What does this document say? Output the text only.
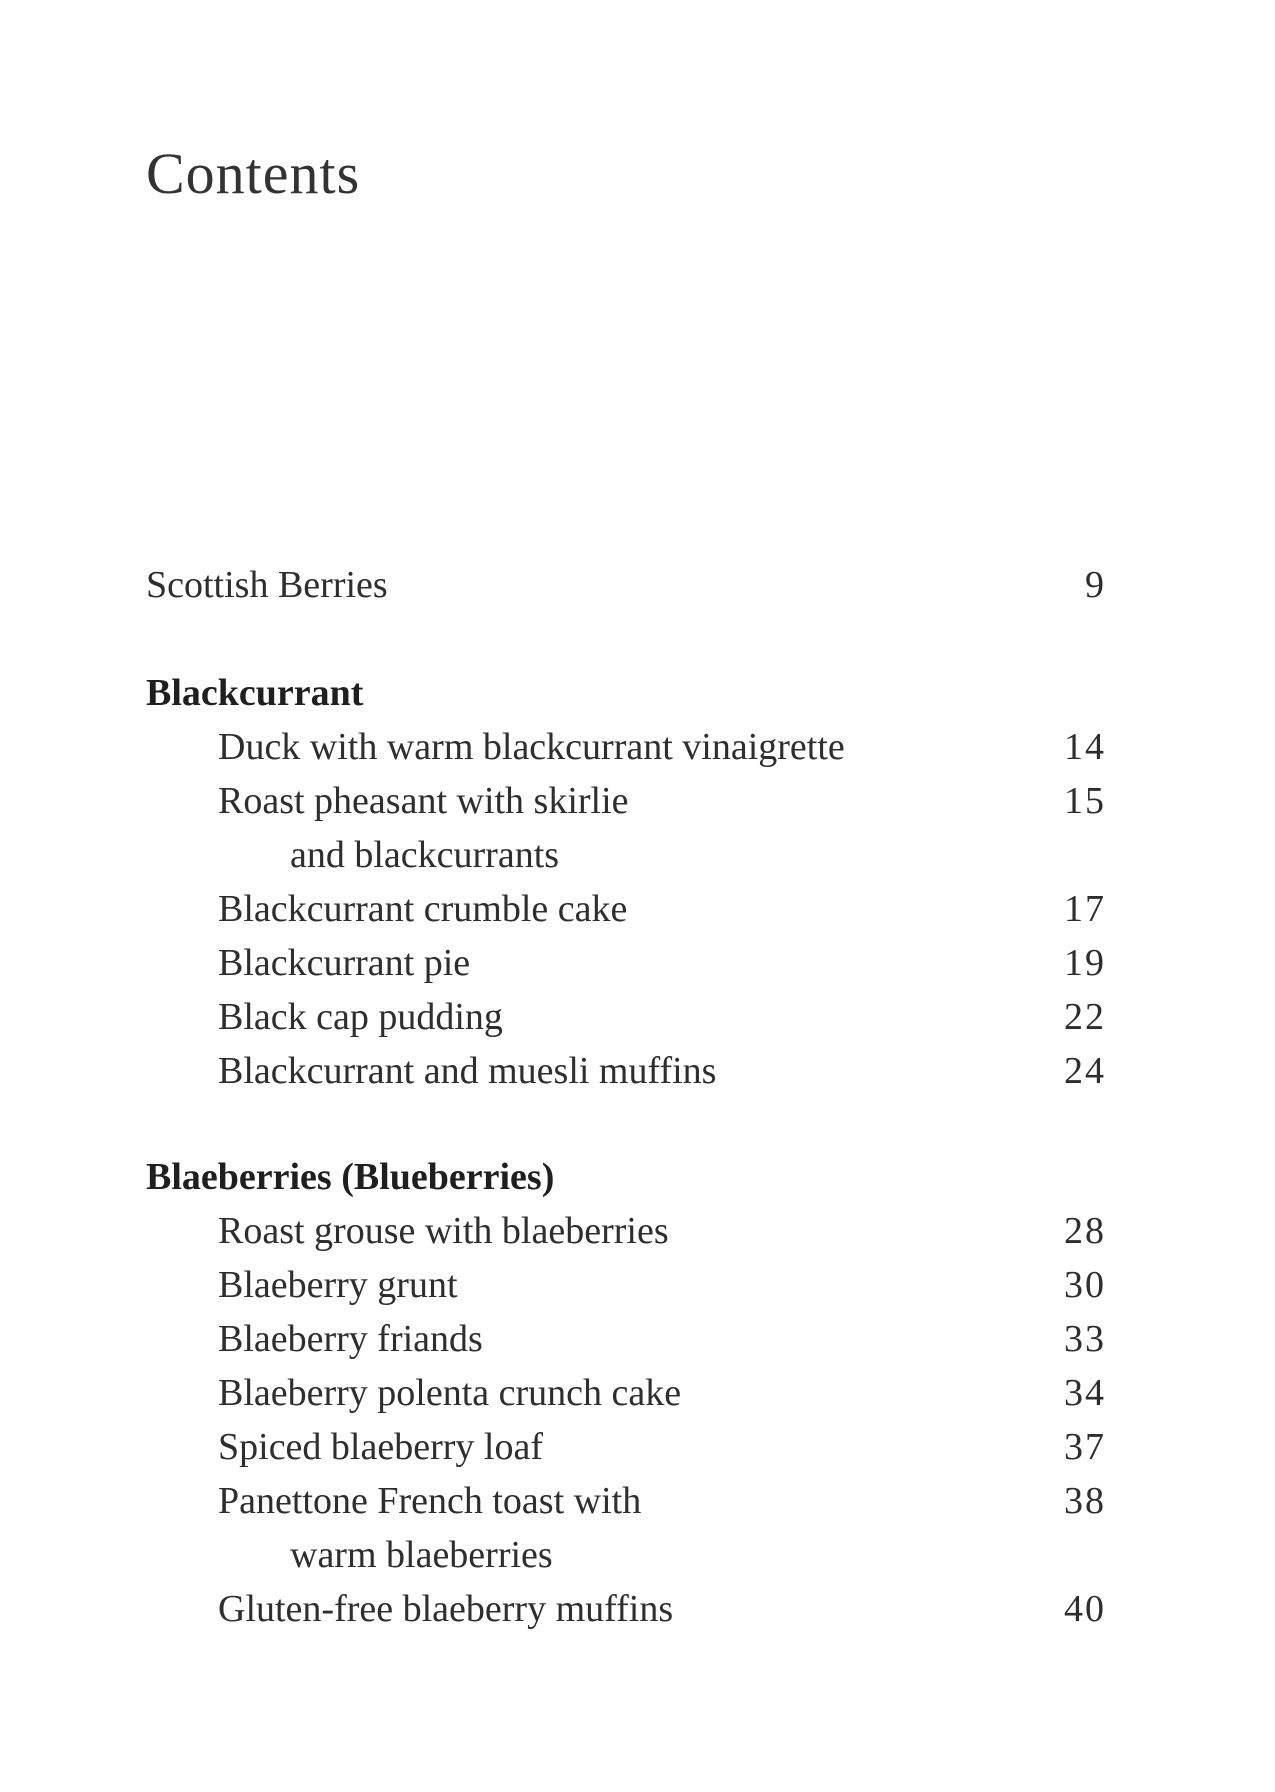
Contents
Scottish Berries	9
Blackcurrant
Duck with warm blackcurrant vinaigrette	14
Roast pheasant with skirlie	15
and blackcurrants
Blackcurrant crumble cake	17
Blackcurrant pie	19
Black cap pudding	22
Blackcurrant and muesli muffins	24
Blaeberries (Blueberries)
Roast grouse with blaeberries	28
Blaeberry grunt	30
Blaeberry friands	33
Blaeberry polenta crunch cake	34
Spiced blaeberry loaf	37
Panettone French toast with	38
warm blaeberries
Gluten-free blaeberry muffins	40
